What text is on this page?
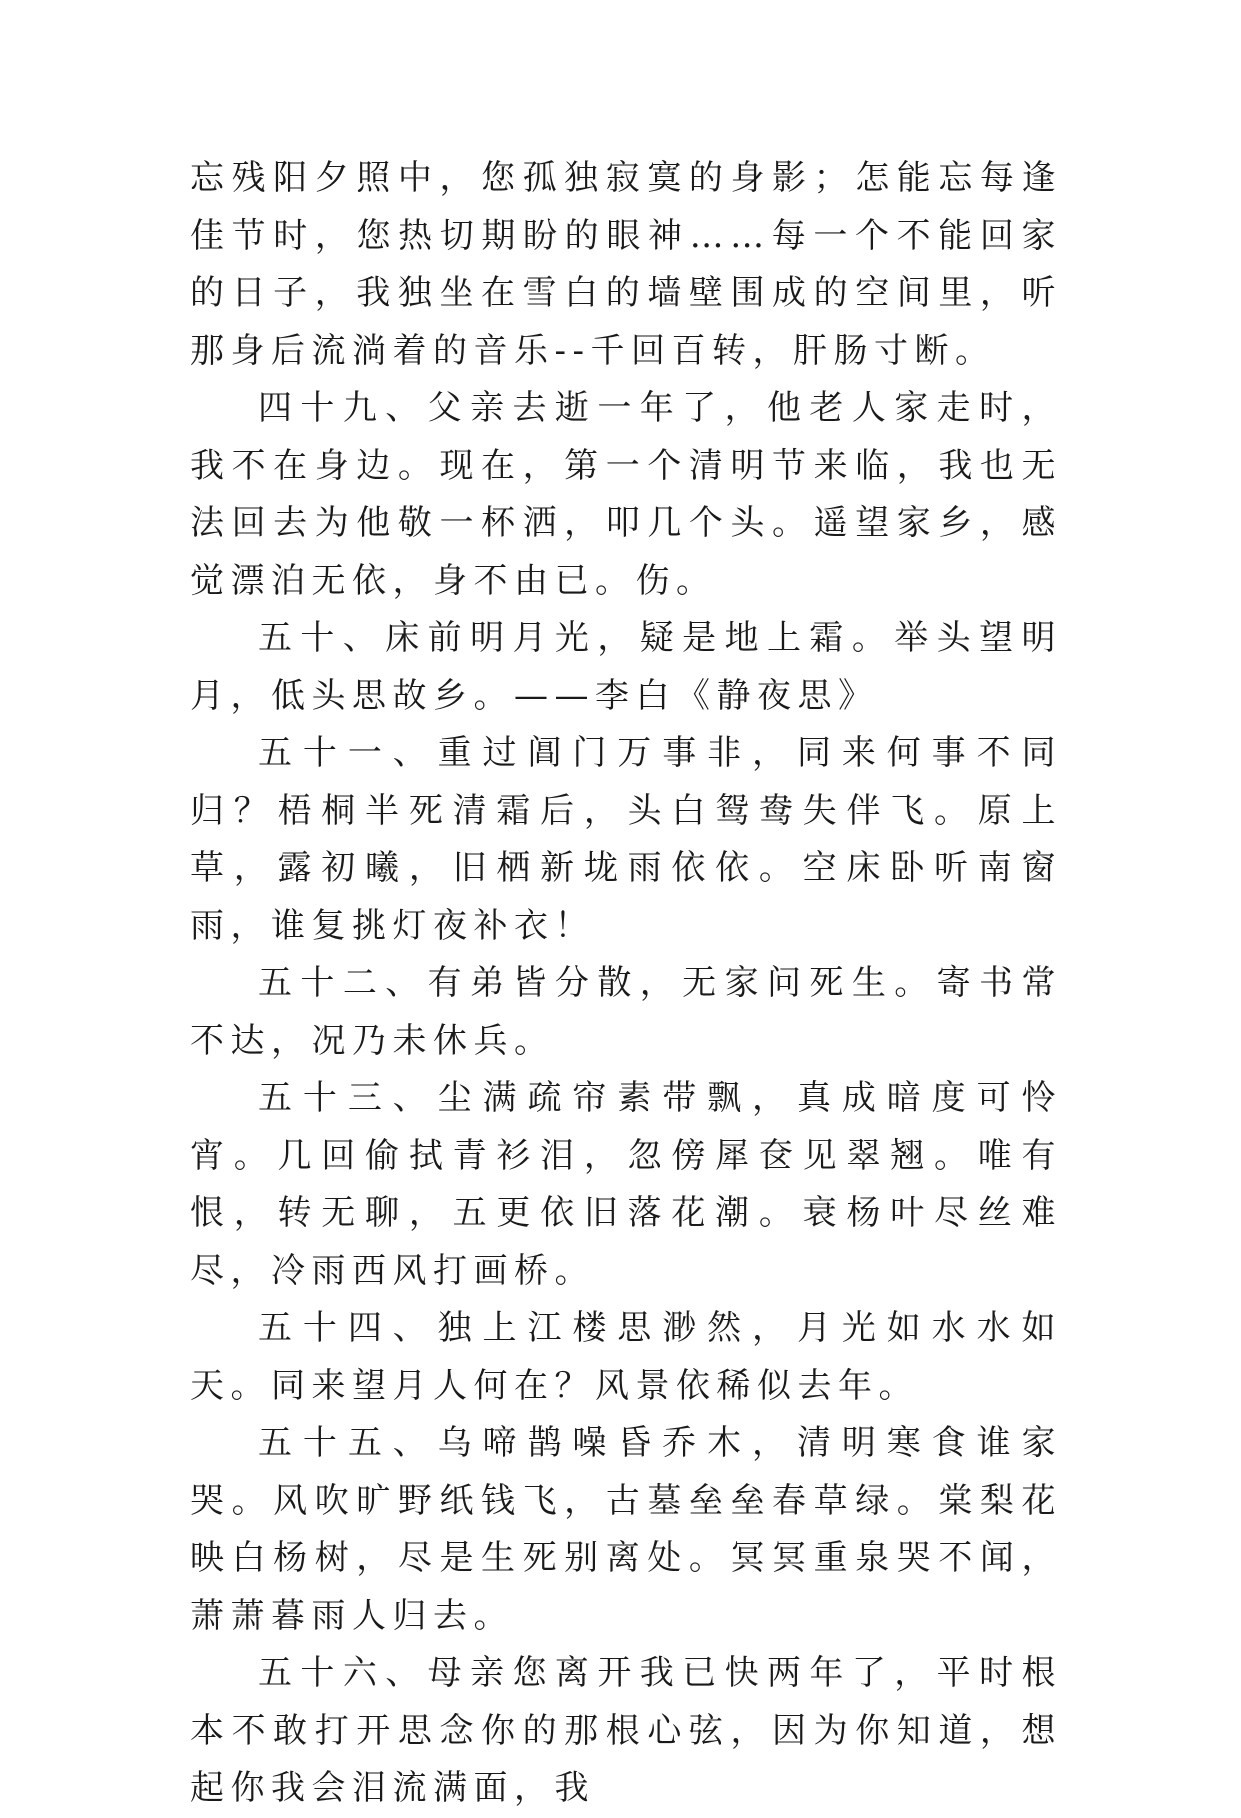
忘残阳夕照中，您孤独寂寞的身影；怎能忘每逢佳节时，您热切期盼的眼神……每一个不能回家的日子，我独坐在雪白的墙壁围成的空间里，听那身后流淌着的音乐--千回百转，肝肠寸断。

四十九、父亲去逝一年了，他老人家走时，我不在身边。现在，第一个清明节来临，我也无法回去为他敬一杯洒，叩几个头。遥望家乡，感觉漂泊无依，身不由已。伤。

五十、床前明月光，疑是地上霜。举头望明月，低头思故乡。——李白《静夜思》

五十一、重过阊门万事非，同来何事不同归？梧桐半死清霜后，头白鸳鸯失伴飞。原上草，露初曦，旧栖新垅雨依依。空床卧听南窗雨，谁复挑灯夜补衣！

五十二、有弟皆分散，无家问死生。寄书常不达，况乃未休兵。

五十三、尘满疏帘素带飘，真成暗度可怜宵。几回偷拭青衫泪，忽傍犀奁见翠翘。唯有恨，转无聊，五更依旧落花潮。衰杨叶尽丝难尽，冷雨西风打画桥。

五十四、独上江楼思渺然，月光如水水如天。同来望月人何在？风景依稀似去年。

五十五、乌啼鹊噪昏乔木，清明寒食谁家哭。风吹旷野纸钱飞，古墓垒垒春草绿。棠梨花映白杨树，尽是生死别离处。冥冥重泉哭不闻，萧萧暮雨人归去。

五十六、母亲您离开我已快两年了，平时根本不敢打开思念你的那根心弦，因为你知道，想起你我会泪流满面，我
